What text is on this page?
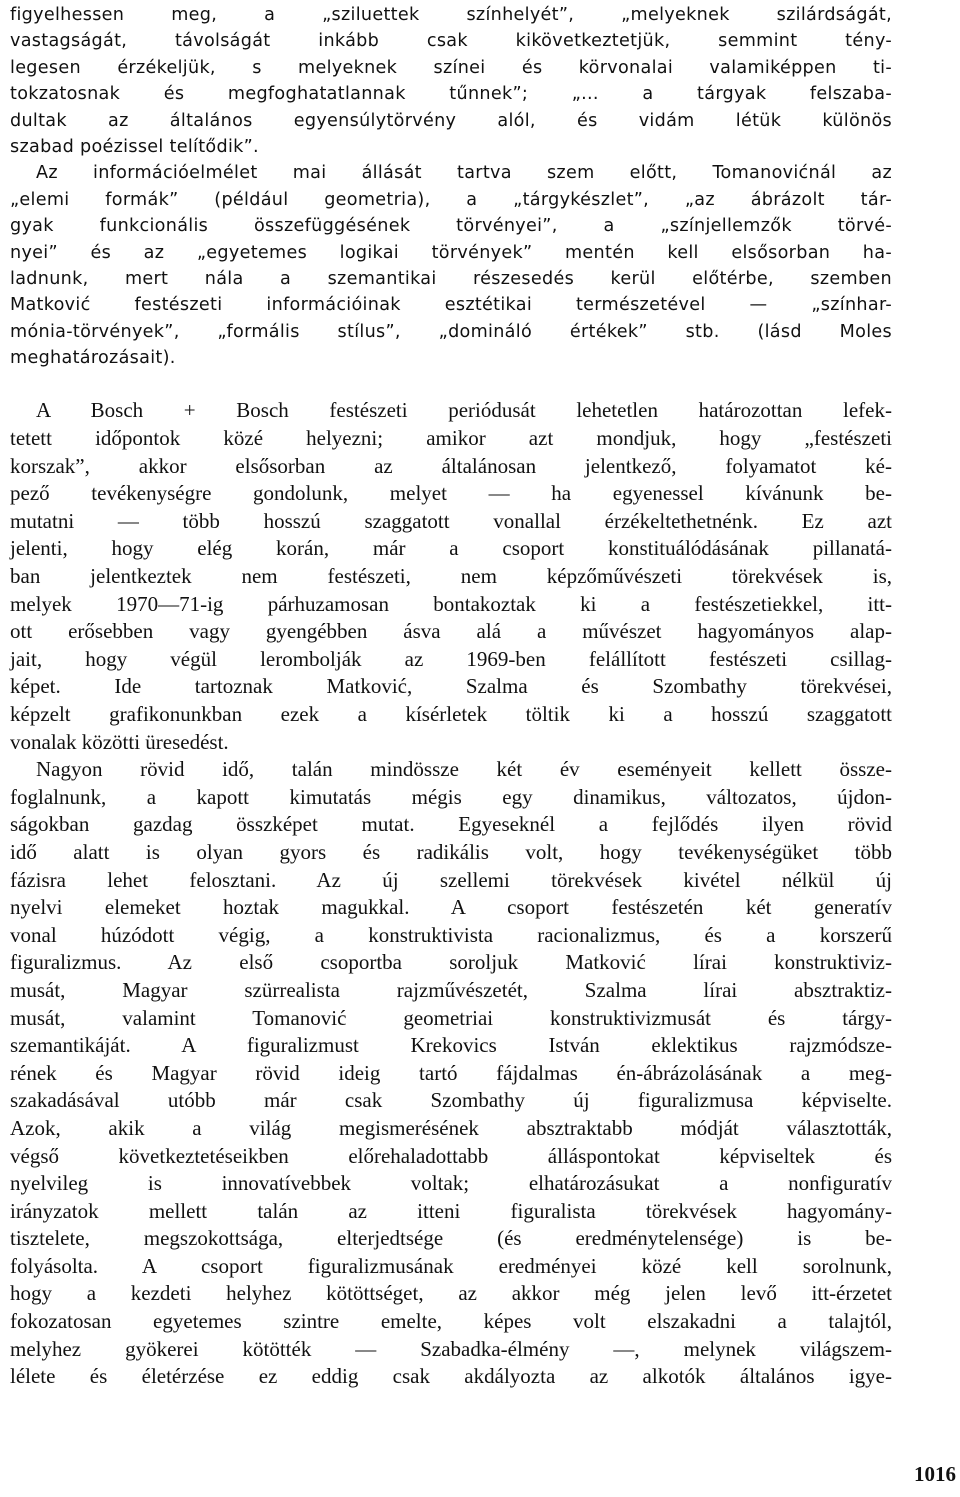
figyelhessen meg, a „sziluettek színhelyét”, „melyeknek szilárdságát,
vastagságát, távolságát inkább csak kikövetkeztetjük, semmint tény-
legesen érzékeljük, s melyeknek színei és körvonalai valamiképpen ti-
tokzatosnak és megfoghatatlannak tűnnek”; „... a tárgyak felszaba-
dultak az általános egyensúlytörvény alól, és vidám létük különös
szabad poézissel telítődik”.
Az információelmélet mai állását tartva szem előtt, Tomanovićnál az
„elemi formák” (például geometria), a „tárgykészlet”, „az ábrázolt tár-
gyak funkcionális összefüggésének törvényei”, a „színjellemzők törvé-
nyei” és az „egyetemes logikai törvények” mentén kell elsősorban ha-
ladnunk, mert nála a szemantikai részesedés kerül előtérbe, szemben
Matković festészeti információinak esztétikai természetével — „színhar-
mónia-törvények”, „formális stílus”, „domináló értékek” stb. (lásd Moles
meghatározásait).
A Bosch + Bosch festészeti periódusát lehetetlen határozottan lefek-
tetett időpontok közé helyezni; amikor azt mondjuk, hogy „festészeti
korszak”, akkor elsősorban az általánosan jelentkező, folyamatot ké-
pező tevékenységre gondolunk, melyet — ha egyenessel kívánunk be-
mutatni — több hosszú szaggatott vonallal érzékeltethetnénk. Ez azt
jelenti, hogy elég korán, már a csoport konstituálódásának pillanatá-
ban jelentkeztek nem festészeti, nem képzőművészeti törekvések is,
melyek 1970—71-ig párhuzamosan bontakoztak ki a festészetiekkel, itt-
ott erősebben vagy gyengébben ásva alá a művészet hagyományos alap-
jait, hogy végül lerombolják az 1969-ben felállított festészeti csillag-
képet. Ide tartoznak Matković, Szalma és Szombathy törekvései,
képzelt grafikonunkban ezek a kísérletek töltik ki a hosszú szaggatott
vonalak közötti üresedést.
Nagyon rövid idő, talán mindössze két év eseményeit kellett össze-
foglalnunk, a kapott kimutatás mégis egy dinamikus, változatos, újdon-
ságokban gazdag összképet mutat. Egyeseknél a fejlődés ilyen rövid
idő alatt is olyan gyors és radikális volt, hogy tevékenységüket több
fázisra lehet felosztani. Az új szellemi törekvések kivétel nélkül új
nyelvi elemeket hoztak magukkal. A csoport festészetén két generatív
vonal húzódott végig, a konstruktivista racionalizmus, és a korszerű
figuralizmus. Az első csoportba soroljuk Matković lírai konstruktiviz-
musát, Magyar szürrealista rajzművészetét, Szalma lírai absztraktiz-
musát, valamint Tomanović geometriai konstruktivizmusát és tárgy-
szemantikáját. A figuralizmust Krekovics István eklektikus rajzmódsze-
rének és Magyar rövid ideig tartó fájdalmas én-ábrázolásának a meg-
szakadásával utóbb már csak Szombathy új figuralizmusa képviselte.
Azok, akik a világ megismerésének absztraktabb módját választották,
végső következtetéseikben előrehaladottabb álláspontokat képviseltek és
nyelvileg is innovatívebbek voltak; elhatározásukat a nonfiguratív
irányzatok mellett talán az itteni figuralista törekvések hagyomány-
tisztelete, megszokottsága, elterjedtsége (és eredménytelensége) is be-
folyásolta. A csoport figuralizmusának eredményei közé kell sorolnunk,
hogy a kezdeti helyhez kötöttséget, az akkor még jelen levő itt-érzetet
fokozatosan egyetemes szintre emelte, képes volt elszakadni a talajtól,
melyhez gyökerei kötötték — Szabadka-élmény —, melynek világszem-
lélete és életérzése ez eddig csak akdályozta az alkotók általános igye-
1016
